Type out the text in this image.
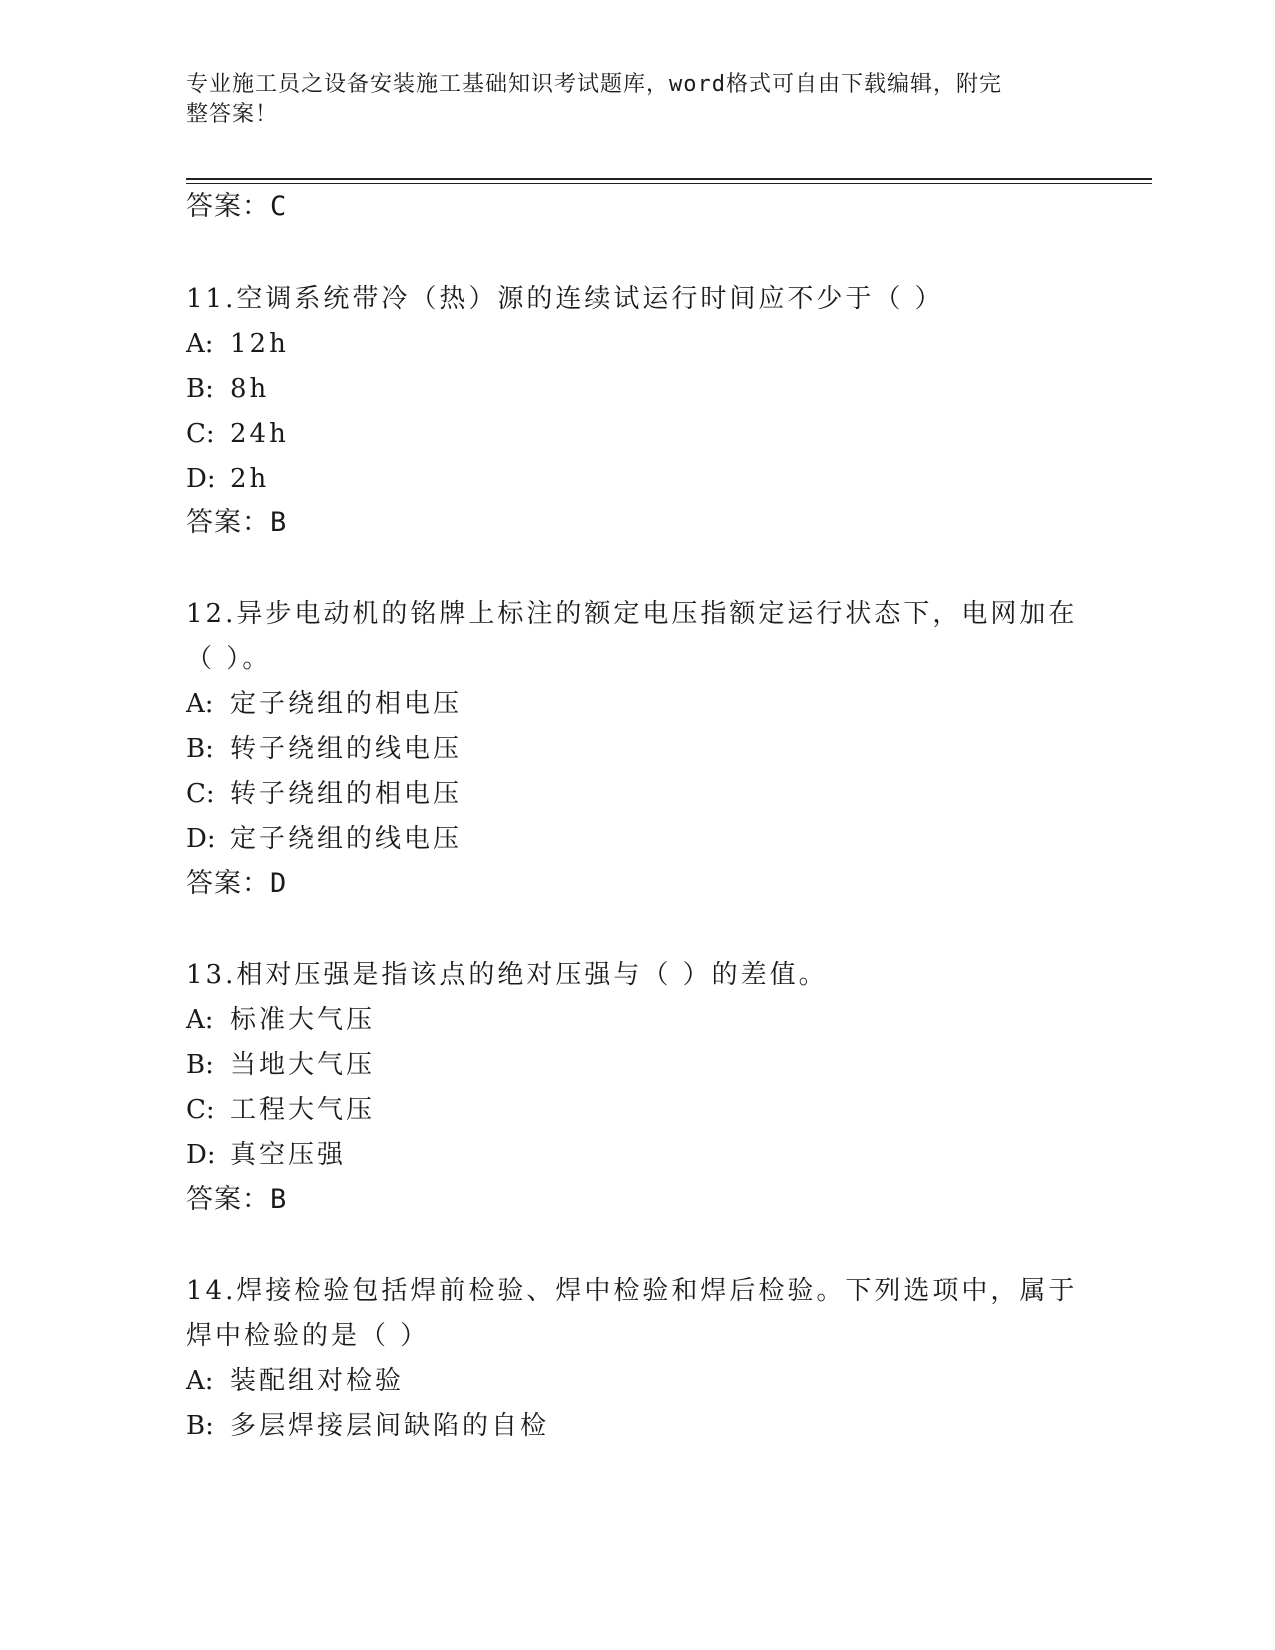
专业施工员之设备安装施工基础知识考试题库，word格式可自由下载编辑，附完
整答案！
答案：C
11.空调系统带冷（热）源的连续试运行时间应不少于（ ）
A: 12h
B: 8h
C: 24h
D: 2h
答案：B
12.异步电动机的铭牌上标注的额定电压指额定运行状态下，电网加在
（ ）。
A: 定子绕组的相电压
B: 转子绕组的线电压
C: 转子绕组的相电压
D: 定子绕组的线电压
答案：D
13.相对压强是指该点的绝对压强与（ ）的差值。
A: 标准大气压
B: 当地大气压
C: 工程大气压
D: 真空压强
答案：B
14.焊接检验包括焊前检验、焊中检验和焊后检验。下列选项中，属于
焊中检验的是（ ）
A: 装配组对检验
B: 多层焊接层间缺陷的自检
